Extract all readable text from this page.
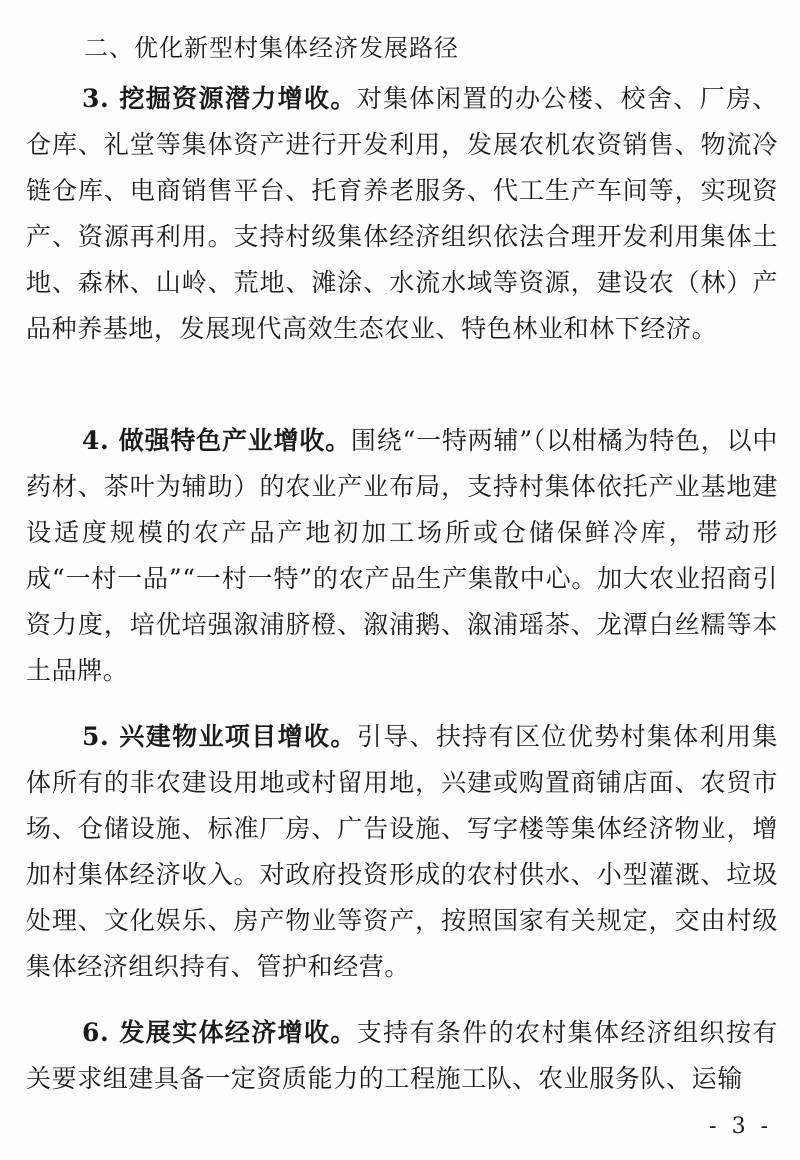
二、优化新型村集体经济发展路径

3. 挖掘资源潜力增收。对集体闲置的办公楼、校舍、厂房、仓库、礼堂等集体资产进行开发利用，发展农机农资销售、物流冷链仓库、电商销售平台、托育养老服务、代工生产车间等，实现资产、资源再利用。支持村级集体经济组织依法合理开发利用集体土地、森林、山岭、荒地、滩涂、水流水域等资源，建设农（林）产品种养基地，发展现代高效生态农业、特色林业和林下经济。

4. 做强特色产业增收。围绕“一特两辅”（以柑橘为特色，以中药材、茶叶为辅助）的农业产业布局，支持村集体依托产业基地建设适度规模的农产品产地初加工场所或仓储保鲜冷库，带动形成“一村一品”“一村一特”的农产品生产集散中心。加大农业招商引资力度，培优培强溆浦脐橙、溆浦鹅、溆浦瑶茶、龙潭白丝糯等本土品牌。

5. 兴建物业项目增收。引导、扶持有区位优势村集体利用集体所有的非农建设用地或村留用地，兴建或购置商铺店面、农贸市场、仓储设施、标准厂房、广告设施、写字楼等集体经济物业，增加村集体经济收入。对政府投资形成的农村供水、小型灌溉、垃圾处理、文化娱乐、房产物业等资产，按照国家有关规定，交由村级集体经济组织持有、管护和经营。

6. 发展实体经济增收。支持有条件的农村集体经济组织按有关要求组建具备一定资质能力的工程施工队、农业服务队、运输

- 3 -
